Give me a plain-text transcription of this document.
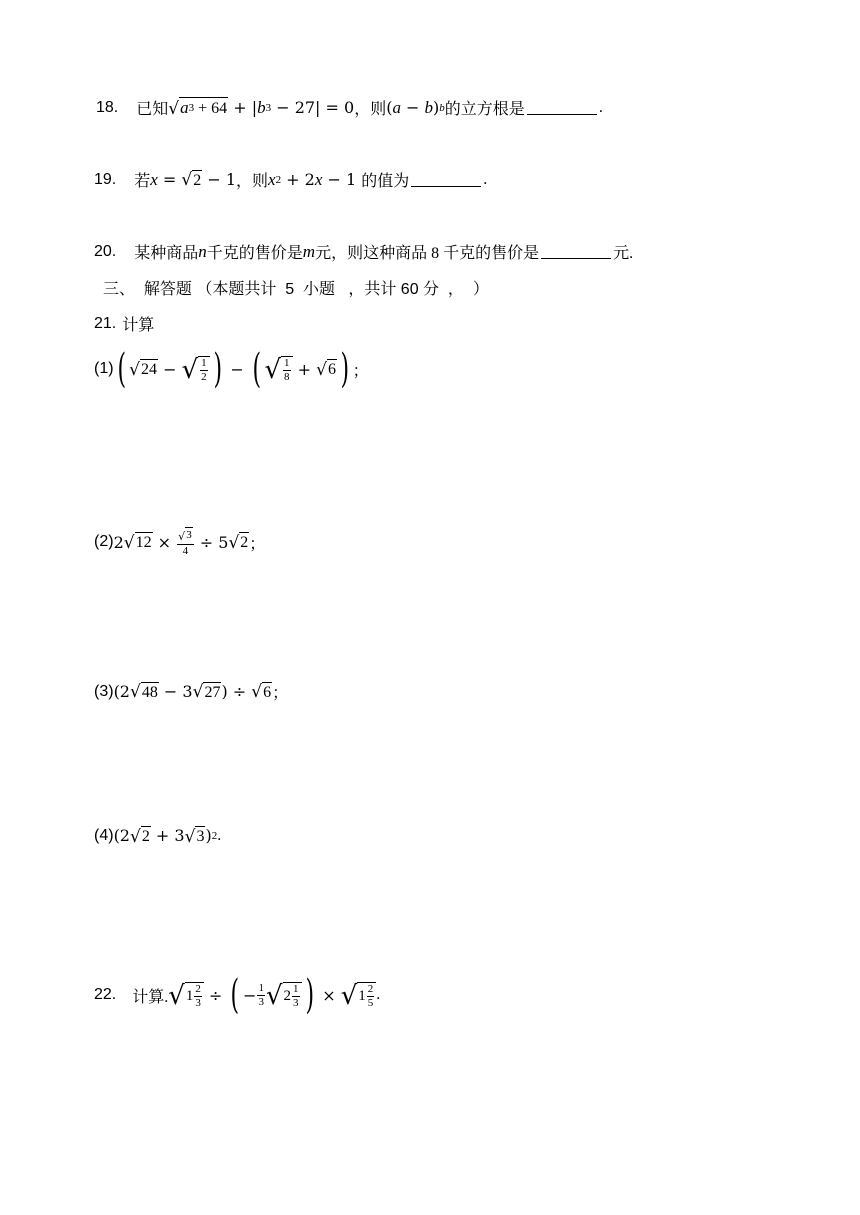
18. 已知 √ a 3 + 64 + | b 3 − 27| = 0 ，则 ( a − b ) b 的立方根是	.
19. 若 x = √ 2 − 1 ，则 x 2 + 2 x − 1 的值为	.
20. 某种商品 n 千克的售价是 m 元，则这种商品 8 千克的售价是	元.
三、  解答题 （本题共计  5  小题   ，共计 60 分  ，  ）
21. 计算
(1) ( √ 24 − √ $\frac{1}{2}$ ) − ( √ $\frac{1}{8}$ + √ 6 ) ；
(2) 2 √ $12 \times \frac{√ 3}{4} \div 5$ √ 2 ；
(3) (2 √ 48 − 3 √ 27 ) ÷ √ 6 ；
(4) (2 √ 2 + 3 √ 3 ) 2 .
22. 计算. √ $1 \frac{2}{3}$ ÷ ( − $\frac{1}{3}$ √ $2 \frac{1}{3}$ ) × √ $1 \frac{2}{5}$ .
